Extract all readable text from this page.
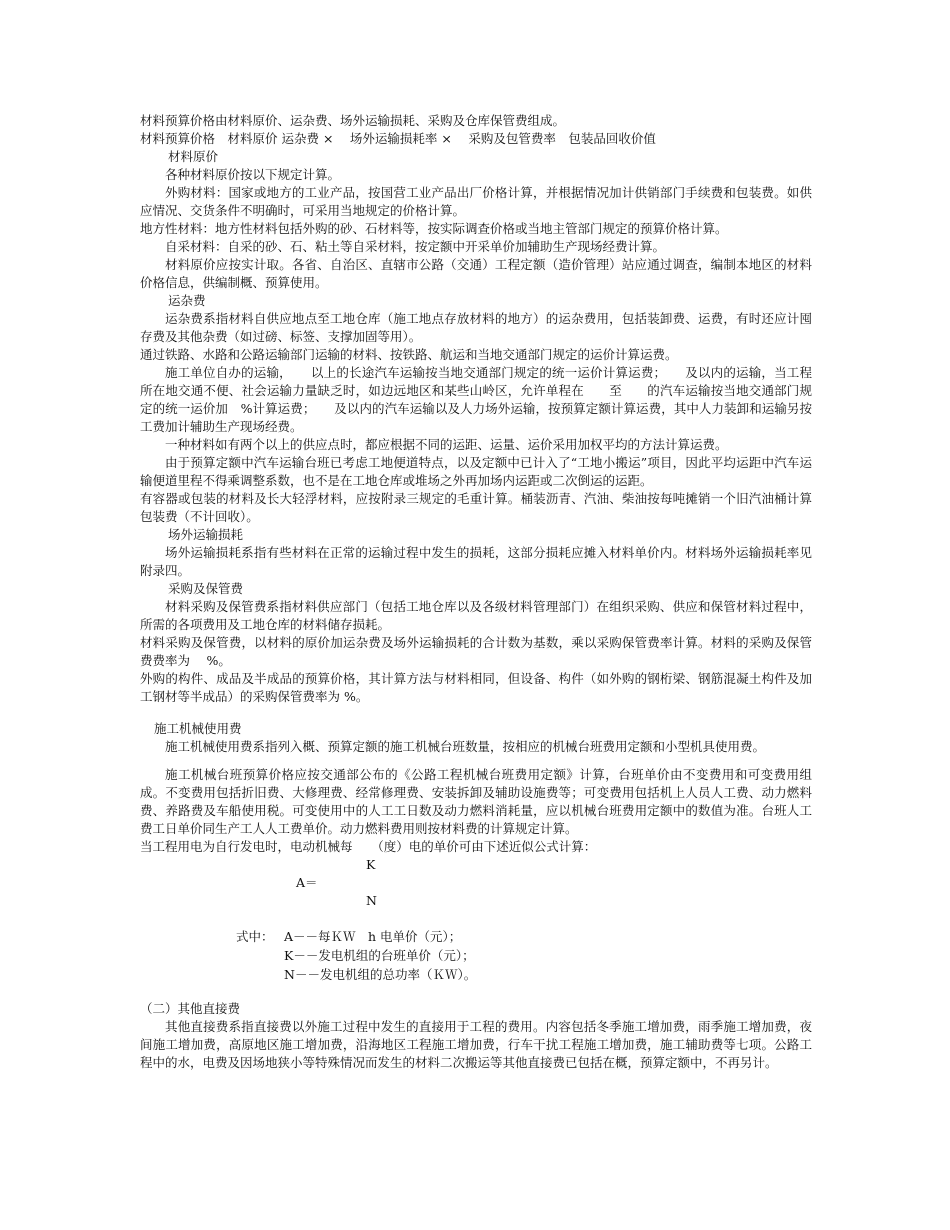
材料预算价格由材料原价、运杂费、场外运输损耗、采购及仓库保管费组成。

材料预算价格　材料原价 运杂费 ×　 场外运输损耗率 ×　 采购及包管费率　包装品回收价值

材料原价

各种材料原价按以下规定计算。

外购材料：国家或地方的工业产品，按国营工业产品出厂价格计算，并根据情况加计供销部门手续费和包装费。如供应情况、交货条件不明确时，可采用当地规定的价格计算。

地方性材料：地方性材料包括外购的砂、石材料等，按实际调查价格或当地主管部门规定的预算价格计算。

自采材料：自采的砂、石、粘土等自采材料，按定额中开采单价加辅助生产现场经费计算。

材料原价应按实计取。各省、自治区、直辖市公路（交通）工程定额（造价管理）站应通过调查，编制本地区的材料价格信息，供编制概、预算使用。

运杂费

运杂费系指材料自供应地点至工地仓库（施工地点存放材料的地方）的运杂费用，包括装卸费、运费，有时还应计囤存费及其他杂费（如过磅、标签、支撑加固等用）。

通过铁路、水路和公路运输部门运输的材料、按铁路、航运和当地交通部门规定的运价计算运费。

施工单位自办的运输，　　以上的长途汽车运输按当地交通部门规定的统一运价计算运费；　　及以内的运输，当工程所在地交通不便、社会运输力量缺乏时，如边远地区和某些山岭区，允许单程在　　至　　的汽车运输按当地交通部门规定的统一运价加　%计算运费；　　及以内的汽车运输以及人力场外运输，按预算定额计算运费，其中人力装卸和运输另按工费加计辅助生产现场经费。

一种材料如有两个以上的供应点时，都应根据不同的运距、运量、运价采用加权平均的方法计算运费。

由于预算定额中汽车运输台班已考虑工地便道特点，以及定额中已计入了“工地小搬运”项目，因此平均运距中汽车运输便道里程不得乘调整系数，也不是在工地仓库或堆场之外再加场内运距或二次倒运的运距。

有容器或包装的材料及长大轻浮材料，应按附录三规定的毛重计算。桶装沥青、汽油、柴油按每吨摊销一个旧汽油桶计算包装费（不计回收）。

场外运输损耗

场外运输损耗系指有些材料在正常的运输过程中发生的损耗，这部分损耗应摊入材料单价内。材料场外运输损耗率见附录四。

采购及保管费

材料采购及保管费系指材料供应部门（包括工地仓库以及各级材料管理部门）在组织采购、供应和保管材料过程中，所需的各项费用及工地仓库的材料储存损耗。

材料采购及保管费，以材料的原价加运杂费及场外运输损耗的合计数为基数，乘以采购保管费率计算。材料的采购及保管费费率为　 %。

外购的构件、成品及半成品的预算价格，其计算方法与材料相同，但设备、构件（如外购的钢桁梁、钢筋混凝土构件及加工钢材等半成品）的采购保管费率为 %。

施工机械使用费

施工机械使用费系指列入概、预算定额的施工机械台班数量，按相应的机械台班费用定额和小型机具使用费。

施工机械台班预算价格应按交通部公布的《公路工程机械台班费用定额》计算，台班单价由不变费用和可变费用组成。不变费用包括折旧费、大修理费、经常修理费、安装拆卸及辅助设施费等；可变费用包括机上人员人工费、动力燃料费、养路费及车船使用税。可变使用中的人工工日数及动力燃料消耗量，应以机械台班费用定额中的数值为准。台班人工费工日单价同生产工人人工费单价。动力燃料费用则按材料费的计算规定计算。

当工程用电为自行发电时，电动机械每　　（度）电的单价可由下述近似公式计算：

K
A＝
N
式中： A－－每ＫＷ　h 电单价（元）；
K－－发电机组的台班单价（元）；
N－－发电机组的总功率（ＫＷ）。

（二）其他直接费

其他直接费系指直接费以外施工过程中发生的直接用于工程的费用。内容包括冬季施工增加费，雨季施工增加费，夜间施工增加费，高原地区施工增加费，沿海地区工程施工增加费，行车干扰工程施工增加费，施工辅助费等七项。公路工程中的水，电费及因场地狭小等特殊情况而发生的材料二次搬运等其他直接费已包括在概，预算定额中，不再另计。
